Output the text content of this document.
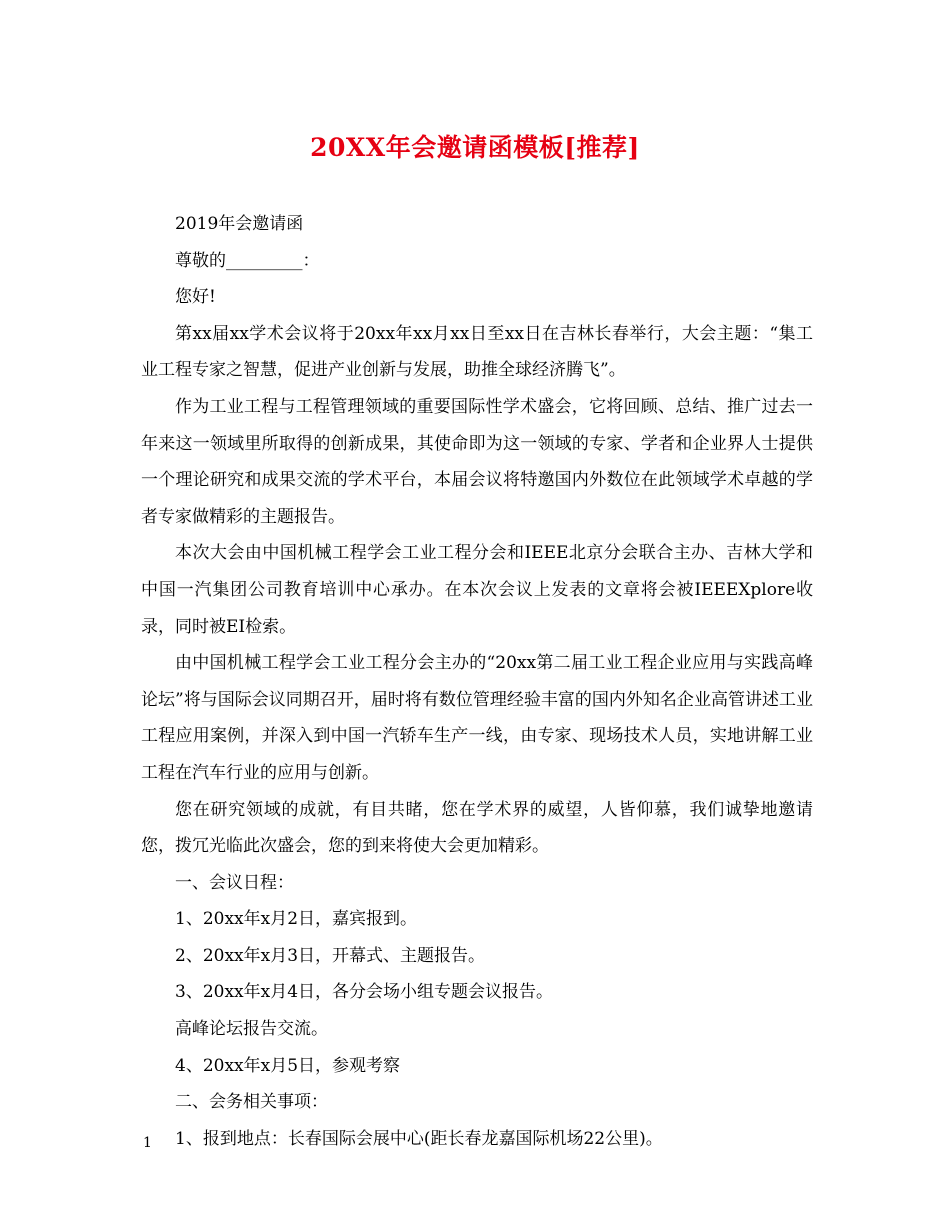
20XX年会邀请函模板[推荐]

2019年会邀请函

尊敬的_________：

您好!

第xx届xx学术会议将于20xx年xx月xx日至xx日在吉林长春举行，大会主题：“集工业工程专家之智慧，促进产业创新与发展，助推全球经济腾飞”。

作为工业工程与工程管理领域的重要国际性学术盛会，它将回顾、总结、推广过去一年来这一领域里所取得的创新成果，其使命即为这一领域的专家、学者和企业界人士提供一个理论研究和成果交流的学术平台，本届会议将特邀国内外数位在此领域学术卓越的学者专家做精彩的主题报告。

本次大会由中国机械工程学会工业工程分会和IEEE北京分会联合主办、吉林大学和中国一汽集团公司教育培训中心承办。在本次会议上发表的文章将会被IEEEXplore收录，同时被EI检索。

由中国机械工程学会工业工程分会主办的“20xx第二届工业工程企业应用与实践高峰论坛”将与国际会议同期召开，届时将有数位管理经验丰富的国内外知名企业高管讲述工业工程应用案例，并深入到中国一汽轿车生产一线，由专家、现场技术人员，实地讲解工业工程在汽车行业的应用与创新。

您在研究领域的成就，有目共睹，您在学术界的威望，人皆仰慕，我们诚挚地邀请您，拨冗光临此次盛会，您的到来将使大会更加精彩。

一、会议日程：

1、20xx年x月2日，嘉宾报到。

2、20xx年x月3日，开幕式、主题报告。

3、20xx年x月4日，各分会场小组专题会议报告。

高峰论坛报告交流。

4、20xx年x月5日，参观考察

二、会务相关事项：

1、报到地点：长春国际会展中心(距长春龙嘉国际机场22公里)。

1
